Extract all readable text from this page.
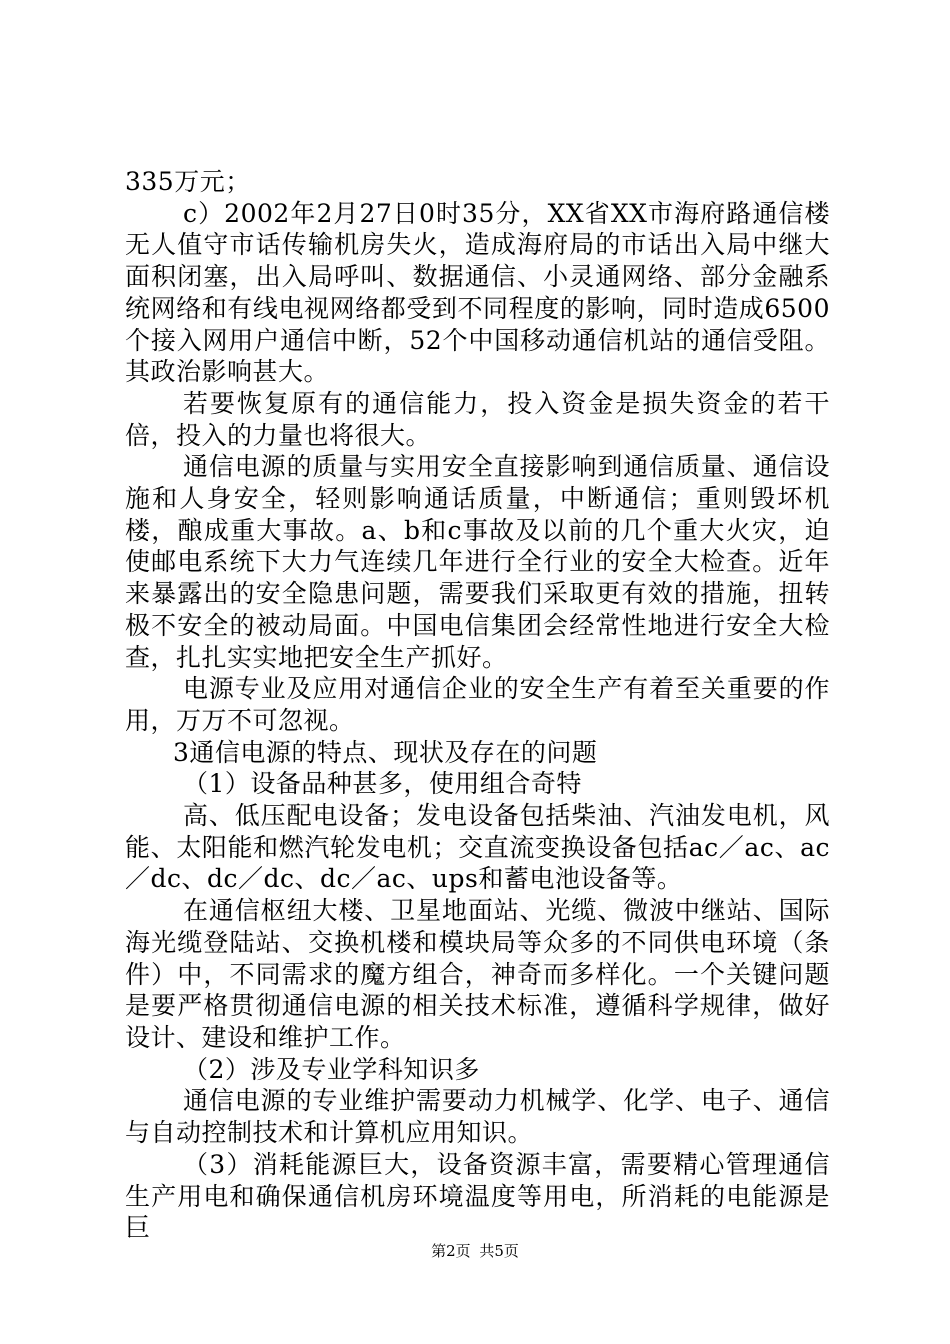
335万元；

c）2002年2月27日0时35分，XX省XX市海府路通信楼无人值守市话传输机房失火，造成海府局的市话出入局中继大面积闭塞，出入局呼叫、数据通信、小灵通网络、部分金融系统网络和有线电视网络都受到不同程度的影响，同时造成6500个接入网用户通信中断，52个中国移动通信机站的通信受阻。其政治影响甚大。

若要恢复原有的通信能力，投入资金是损失资金的若干倍，投入的力量也将很大。

通信电源的质量与实用安全直接影响到通信质量、通信设施和人身安全，轻则影响通话质量，中断通信；重则毁坏机楼，酿成重大事故。a、b和c事故及以前的几个重大火灾，迫使邮电系统下大力气连续几年进行全行业的安全大检查。近年来暴露出的安全隐患问题，需要我们采取更有效的措施，扭转极不安全的被动局面。中国电信集团会经常性地进行安全大检查，扎扎实实地把安全生产抓好。

电源专业及应用对通信企业的安全生产有着至关重要的作用，万万不可忽视。

3通信电源的特点、现状及存在的问题

（1）设备品种甚多，使用组合奇特

高、低压配电设备；发电设备包括柴油、汽油发电机，风能、太阳能和燃汽轮发电机；交直流变换设备包括ac／ac、ac／dc、dc／dc、dc／ac、ups和蓄电池设备等。

在通信枢纽大楼、卫星地面站、光缆、微波中继站、国际海光缆登陆站、交换机楼和模块局等众多的不同供电环境（条件）中，不同需求的魔方组合，神奇而多样化。一个关键问题是要严格贯彻通信电源的相关技术标准，遵循科学规律，做好设计、建设和维护工作。

（2）涉及专业学科知识多

通信电源的专业维护需要动力机械学、化学、电子、通信与自动控制技术和计算机应用知识。

（3）消耗能源巨大，设备资源丰富，需要精心管理通信生产用电和确保通信机房环境温度等用电，所消耗的电能源是巨

第2页 共5页
